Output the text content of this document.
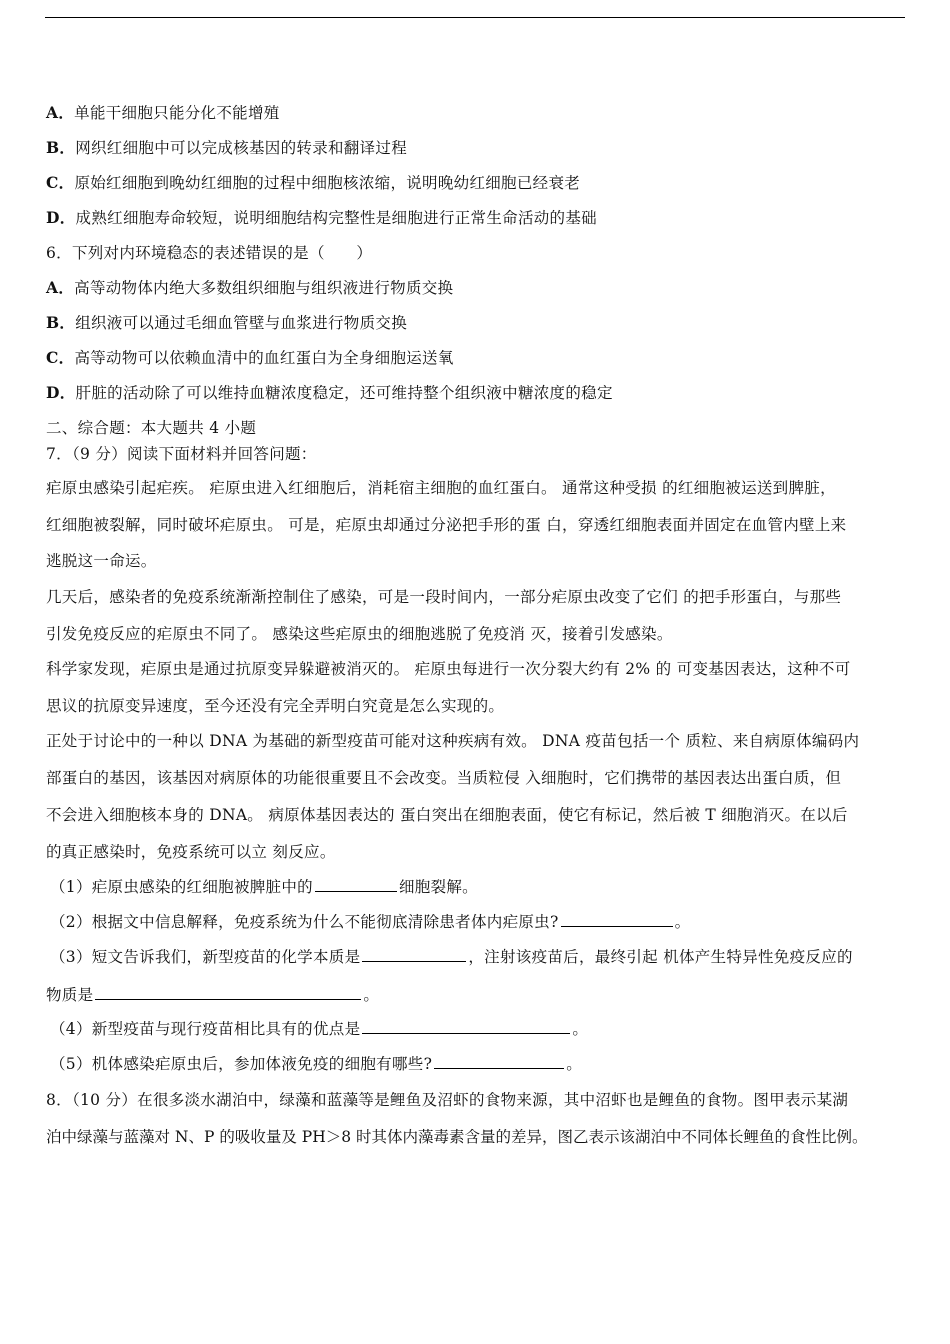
A．单能干细胞只能分化不能增殖
B．网织红细胞中可以完成核基因的转录和翻译过程
C．原始红细胞到晚幼红细胞的过程中细胞核浓缩，说明晚幼红细胞已经衰老
D．成熟红细胞寿命较短，说明细胞结构完整性是细胞进行正常生命活动的基础
6．下列对内环境稳态的表述错误的是（　　）
A．高等动物体内绝大多数组织细胞与组织液进行物质交换
B．组织液可以通过毛细血管壁与血浆进行物质交换
C．高等动物可以依赖血清中的血红蛋白为全身细胞运送氧
D．肝脏的活动除了可以维持血糖浓度稳定，还可维持整个组织液中糖浓度的稳定
二、综合题：本大题共 4 小题
7．（9 分）阅读下面材料并回答问题：
疟原虫感染引起疟疾。 疟原虫进入红细胞后，消耗宿主细胞的血红蛋白。 通常这种受损 的红细胞被运送到脾脏，
红细胞被裂解，同时破坏疟原虫。 可是，疟原虫却通过分泌把手形的蛋 白，穿透红细胞表面并固定在血管内壁上来
逃脱这一命运。
几天后，感染者的免疫系统渐渐控制住了感染，可是一段时间内，一部分疟原虫改变了它们 的把手形蛋白，与那些
引发免疫反应的疟原虫不同了。 感染这些疟原虫的细胞逃脱了免疫消 灭，接着引发感染。
科学家发现，疟原虫是通过抗原变异躲避被消灭的。 疟原虫每进行一次分裂大约有 2% 的 可变基因表达，这种不可
思议的抗原变异速度，至今还没有完全弄明白究竟是怎么实现的。
正处于讨论中的一种以 DNA 为基础的新型疫苗可能对这种疾病有效。 DNA 疫苗包括一个 质粒、来自病原体编码内
部蛋白的基因，该基因对病原体的功能很重要且不会改变。当质粒侵 入细胞时，它们携带的基因表达出蛋白质，但
不会进入细胞核本身的 DNA。 病原体基因表达的 蛋白突出在细胞表面，使它有标记，然后被 T 细胞消灭。在以后
的真正感染时，免疫系统可以立 刻反应。
（1）疟原虫感染的红细胞被脾脏中的	细胞裂解。
（2）根据文中信息解释，免疫系统为什么不能彻底清除患者体内疟原虫?	。
（3）短文告诉我们，新型疫苗的化学本质是	，注射该疫苗后，最终引起 机体产生特异性免疫反应的
物质是	。
（4）新型疫苗与现行疫苗相比具有的优点是	。
（5）机体感染疟原虫后，参加体液免疫的细胞有哪些?	。
8．（10 分）在很多淡水湖泊中，绿藻和蓝藻等是鲤鱼及沼虾的食物来源，其中沼虾也是鲤鱼的食物。图甲表示某湖
泊中绿藻与蓝藻对 N、P 的吸收量及 PH＞8 时其体内藻毒素含量的差异，图乙表示该湖泊中不同体长鲤鱼的食性比例。
